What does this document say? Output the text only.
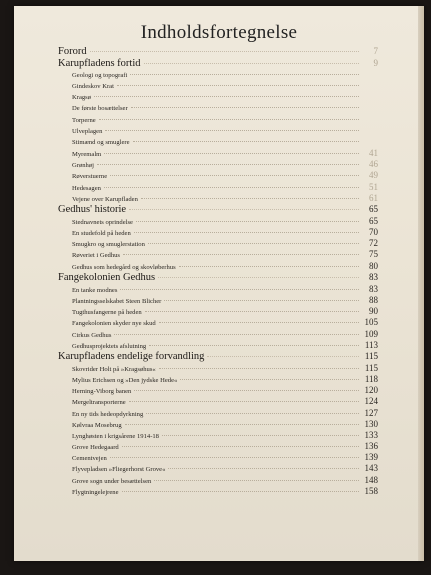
Indholdsfortegnelse
Forord	7
Karupfladens fortid	9
Geologi og topografi
Gindeskov Krat
Kragsø
De første bosættelser
Torperne
Ulveplagen
Stimænd og smuglere
Myremalm	41
Grønhøj	46
Røverstuerne	49
Hedesagen	51
Vejene over Karupfladen	61
Gedhus' historie	65
Stednavnets oprindelse	65
En studefold på heden	70
Smugkro og smuglerstation	72
Røveriet i Gedhus	75
Gedhus som hedegård og skovløberhus	80
Fangekolonien Gedhus	83
En tanke modnes	83
Plantningsselskabet Steen Blicher	88
Tugthusfangerne på heden	90
Fangekolonien skyder nye skud	105
Cirkus Gedhus	109
Gedhusprojektets afslutning	113
Karupfladens endelige forvandling	115
Skovrider Holt på »Kragsøhus«	115
Mylius Erichsen og »Den jydske Hede«	118
Herning-Viborg banen	120
Mergeltransporterne	124
En ny tids hedeopdyrkning	127
Kølvraa Mosebrug	130
Lynghøsten i krigsårene 1914-18	133
Grove Hedegaard	136
Cementvejen	139
Flyvepladsen »Fliegerhorst Grove«	143
Grove sogn under besættelsen	148
Flygtningelejrene	158
